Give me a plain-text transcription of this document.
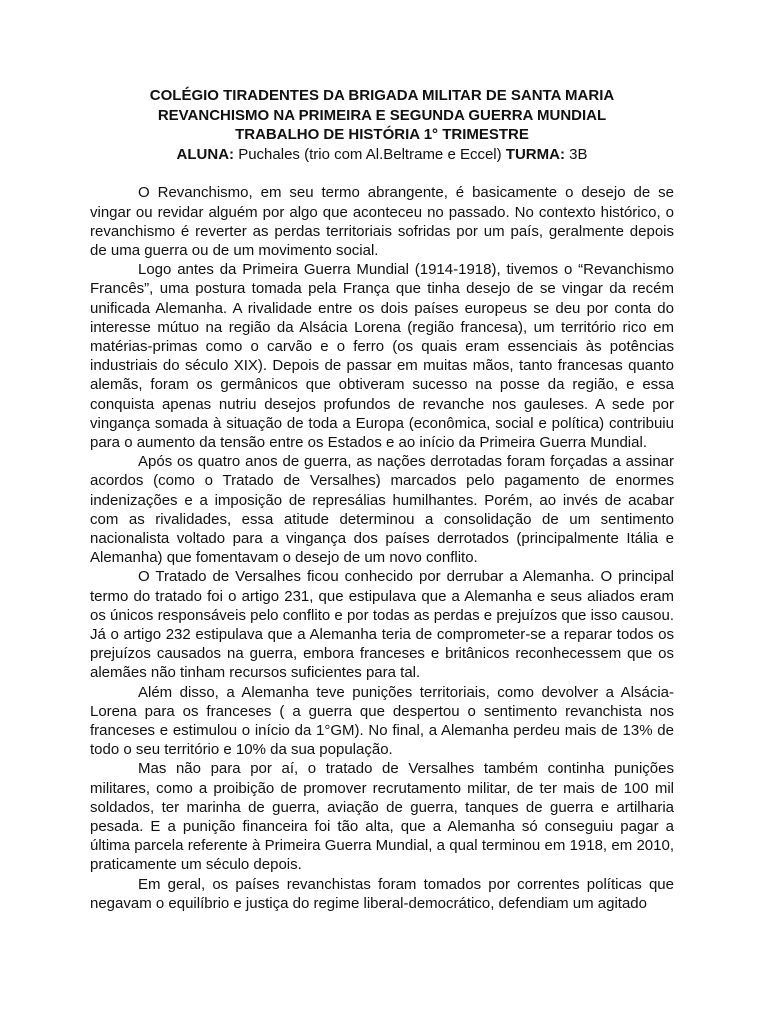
COLÉGIO TIRADENTES DA BRIGADA MILITAR DE SANTA MARIA
REVANCHISMO NA PRIMEIRA E SEGUNDA GUERRA MUNDIAL
TRABALHO DE HISTÓRIA 1° TRIMESTRE
ALUNA: Puchales (trio com Al.Beltrame e Eccel) TURMA: 3B

O Revanchismo, em seu termo abrangente, é basicamente o desejo de se vingar ou revidar alguém por algo que aconteceu no passado. No contexto histórico, o revanchismo é reverter as perdas territoriais sofridas por um país, geralmente depois de uma guerra ou de um movimento social.

Logo antes da Primeira Guerra Mundial (1914-1918), tivemos o “Revanchismo Francês”, uma postura tomada pela França que tinha desejo de se vingar da recém unificada Alemanha. A rivalidade entre os dois países europeus se deu por conta do interesse mútuo na região da Alsácia Lorena (região francesa), um território rico em matérias-primas como o carvão e o ferro (os quais eram essenciais às potências industriais do século XIX). Depois de passar em muitas mãos, tanto francesas quanto alemãs, foram os germânicos que obtiveram sucesso na posse da região, e essa conquista apenas nutriu desejos profundos de revanche nos gauleses. A sede por vingança somada à situação de toda a Europa (econômica, social e política) contribuiu para o aumento da tensão entre os Estados e ao início da Primeira Guerra Mundial.

Após os quatro anos de guerra, as nações derrotadas foram forçadas a assinar acordos (como o Tratado de Versalhes) marcados pelo pagamento de enormes indenizações e a imposição de represálias humilhantes. Porém, ao invés de acabar com as rivalidades, essa atitude determinou a consolidação de um sentimento nacionalista voltado para a vingança dos países derrotados (principalmente Itália e Alemanha) que fomentavam o desejo de um novo conflito.

O Tratado de Versalhes ficou conhecido por derrubar a Alemanha. O principal termo do tratado foi o artigo 231, que estipulava que a Alemanha e seus aliados eram os únicos responsáveis pelo conflito e por todas as perdas e prejuízos que isso causou. Já o artigo 232 estipulava que a Alemanha teria de comprometer-se a reparar todos os prejuízos causados na guerra, embora franceses e britânicos reconhecessem que os alemães não tinham recursos suficientes para tal.

Além disso, a Alemanha teve punições territoriais, como devolver a Alsácia-Lorena para os franceses ( a guerra que despertou o sentimento revanchista nos franceses e estimulou o início da 1°GM). No final, a Alemanha perdeu mais de 13% de todo o seu território e 10% da sua população.

Mas não para por aí, o tratado de Versalhes também continha punições militares, como a proibição de promover recrutamento militar, de ter mais de 100 mil soldados, ter marinha de guerra, aviação de guerra, tanques de guerra e artilharia pesada. E a punição financeira foi tão alta, que a Alemanha só conseguiu pagar a última parcela referente à Primeira Guerra Mundial, a qual terminou em 1918, em 2010, praticamente um século depois.

Em geral, os países revanchistas foram tomados por correntes políticas que negavam o equilíbrio e justiça do regime liberal-democrático, defendiam um agitado
